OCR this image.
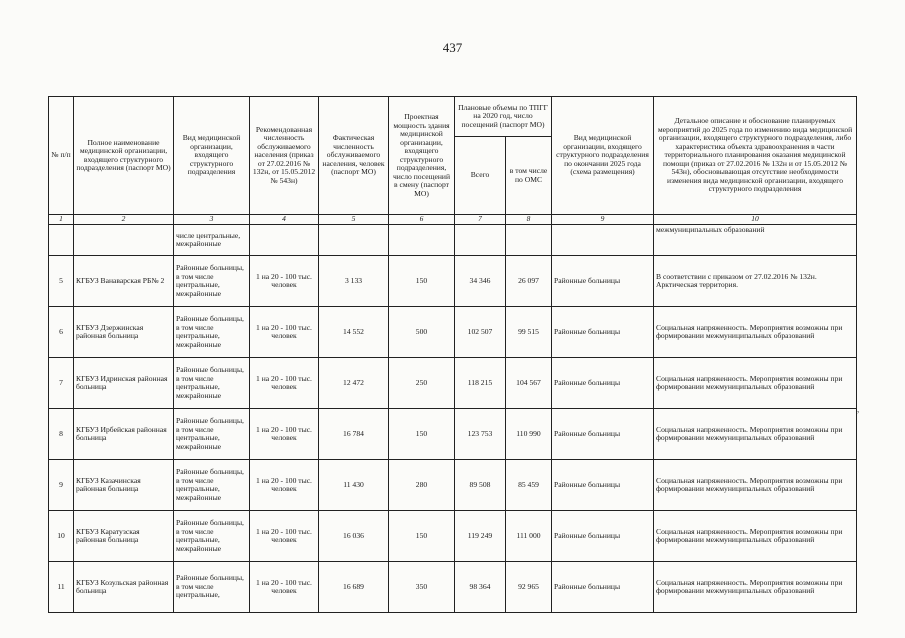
437
№ п/п	Полное наименование медицинской организации, входящего структурного подразделения (паспорт МО)	Вид медицинской организации, входящего структурного подразделения	Рекомендованная численность обслуживаемого населения (приказ от 27.02.2016 № 132н, от 15.05.2012 № 543н)	Фактическая численность обслуживаемого населения, человек (паспорт МО)	Проектная мощность здания медицинской организации, входящего структурного подразделения, число посещений в смену (паспорт МО)	Плановые объемы по ТПГГ на 2020 год, число посещений (паспорт МО)		Вид медицинской организации, входящего структурного подразделения по окончании 2025 года (схема размещения)	Детальное описание и обоснование планируемых мероприятий до 2025 года по изменению вида медицинской организации, входящего структурного подразделения, либо характеристика объекта здравоохранения в части территориального планирования оказания медицинской помощи (приказ от 27.02.2016 № 132н и от 15.05.2012 № 543н), обосновывающая отсутствие необходимости изменения вида медицинской организации, входящего структурного подразделения
						Всего	в том числе по ОМС		
1	2	3	4	5	6	7	8	9	10
		числе центральные, межрайонные							межмуниципальных образований
5	КГБУЗ Ванаварская РБ№ 2	Районные больницы, в том числе центральные, межрайонные	1 на 20 - 100 тыс. человек	3 133	150	34 346	26 097	Районные больницы	В соответствии с приказом от 27.02.2016 № 132н. Арктическая территория.
6	КГБУЗ Дзержинская районная больница	Районные больницы, в том числе центральные, межрайонные	1 на 20 - 100 тыс. человек	14 552	500	102 507	99 515	Районные больницы	Социальная напряженность. Мероприятия возможны при формировании межмуниципальных образований
7	КГБУЗ Идринская районная больница	Районные больницы, в том числе центральные, межрайонные	1 на 20 - 100 тыс. человек	12 472	250	118 215	104 567	Районные больницы	Социальная напряженность. Мероприятия возможны при формировании межмуниципальных образований
8	КГБУЗ Ирбейская районная больница	Районные больницы, в том числе центральные, межрайонные	1 на 20 - 100 тыс. человек	16 784	150	123 753	110 990	Районные больницы	Социальная напряженность. Мероприятия возможны при формировании межмуниципальных образований
9	КГБУЗ Казачинская районная больница	Районные больницы, в том числе центральные, межрайонные	1 на 20 - 100 тыс. человек	11 430	280	89 508	85 459	Районные больницы	Социальная напряженность. Мероприятия возможны при формировании межмуниципальных образований
10	КГБУЗ Каратузская районная больница	Районные больницы, в том числе центральные, межрайонные	1 на 20 - 100 тыс. человек	16 036	150	119 249	111 000	Районные больницы	Социальная напряженность. Мероприятия возможны при формировании межмуниципальных образований
11	КГБУЗ Козульская районная больница	Районные больницы, в том числе центральные,	1 на 20 - 100 тыс. человек	16 689	350	98 364	92 965	Районные больницы	Социальная напряженность. Мероприятия возможны при формировании межмуниципальных образований
,
